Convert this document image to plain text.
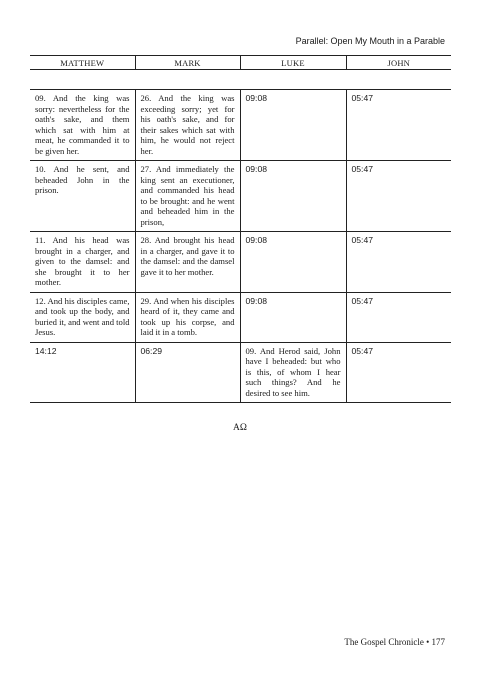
Parallel: Open My Mouth in a Parable
MATTHEW	MARK	LUKE	JOHN

09. And the king was sorry: nevertheless for the oath's sake, and them which sat with him at meat, he commanded it to be given her.	26. And the king was exceeding sorry; yet for his oath's sake, and for their sakes which sat with him, he would not reject her.	09:08	05:47
10. And he sent, and beheaded John in the prison.	27. And immediately the king sent an executioner, and commanded his head to be brought: and he went and beheaded him in the prison,	09:08	05:47
11. And his head was brought in a charger, and given to the damsel: and she brought it to her mother.	28. And brought his head in a charger, and gave it to the damsel: and the damsel gave it to her mother.	09:08	05:47
12. And his disciples came, and took up the body, and buried it, and went and told Jesus.	29. And when his disciples heard of it, they came and took up his corpse, and laid it in a tomb.	09:08	05:47
14:12	06:29	09. And Herod said, John have I beheaded: but who is this, of whom I hear such things? And he desired to see him.	05:47
AΩ
The Gospel Chronicle • 177
